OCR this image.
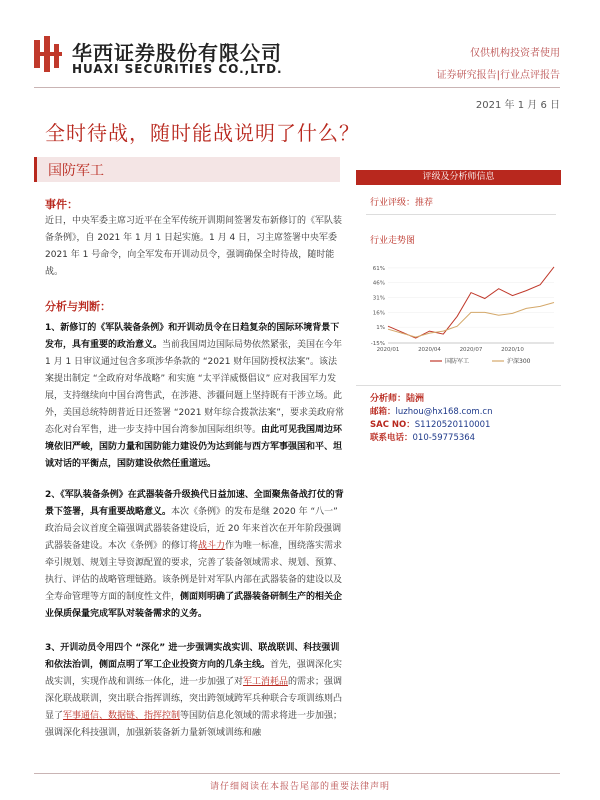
华西证券股份有限公司
HUAXI SECURITIES CO.,LTD.
仅供机构投资者使用
证券研究报告|行业点评报告
2021 年 1 月 6 日
全时待战，随时能战说明了什么？
国防军工
事件：
近日，中央军委主席习近平在全军传统开训期间签署发布新修订的《军队装备条例》，自 2021 年 1 月 1 日起实施。1 月 4 日，习主席签署中央军委 2021 年 1 号命令，向全军发布开训动员令，强调确保全时待战，随时能战。
分析与判断：
1、新修订的《军队装备条例》和开训动员令在日趋复杂的国际环境背景下发布，具有重要的政治意义。当前我国周边国际局势依然紧张，美国在今年 1 月 1 日审议通过包含多项涉华条款的 “2021 财年国防授权法案”。该法案提出制定 “全政府对华战略” 和实施 “太平洋威慑倡议” 应对我国军力发展，支持继续向中国台湾售武，在涉港、涉疆问题上坚持既有干涉立场。此外，美国总统特朗普近日还签署 “2021 财年综合拨款法案”，要求美政府常态化对台军售，进一步支持中国台湾参加国际组织等。由此可见我国周边环境依旧严峻，国防力量和国防能力建设仍为达到能与西方军事强国和平、坦诚对话的平衡点，国防建设依然任重道远。
2、《军队装备条例》在武器装备升级换代日益加速、全面聚焦备战打仗的背景下签署，具有重要战略意义。本次《条例》的发布是继 2020 年 “八一” 政治局会议首度全篇强调武器装备建设后，近 20 年来首次在开年阶段强调武器装备建设。本次《条例》的修订将战斗力作为唯一标准，围绕落实需求牵引规划、规划主导资源配置的要求，完善了装备领域需求、规划、预算、执行、评估的战略管理链路。该条例是针对军队内部在武器装备的建设以及全寿命管理等方面的制度性文件，侧面则明确了武器装备研制生产的相关企业保质保量完成军队对装备需求的义务。
3、开训动员令用四个 “深化” 进一步强调实战实训、联战联训、科技强训和依法治训，侧面点明了军工企业投资方向的几条主线。首先，强调深化实战实训，实现作战和训练一体化，进一步加强了对军工消耗品的需求；强调深化联战联训，突出联合指挥训练，突出跨领域跨军兵种联合专项训练则凸显了军事通信、数据链、指挥控制等国防信息化领域的需求将进一步加强；强调深化科技强训，加强新装备新力量新领域训练和融
评级及分析师信息
行业评级：推荐
行业走势图
-15%
1%
16%
31%
46%
61%
2020/01	2020/04	2020/07	2020/10
国防军工	沪深300
分析师：陆洲
邮箱：luzhou@hx168.com.cn
SAC NO：S1120520110001
联系电话：010-59775364
请仔细阅读在本报告尾部的重要法律声明
